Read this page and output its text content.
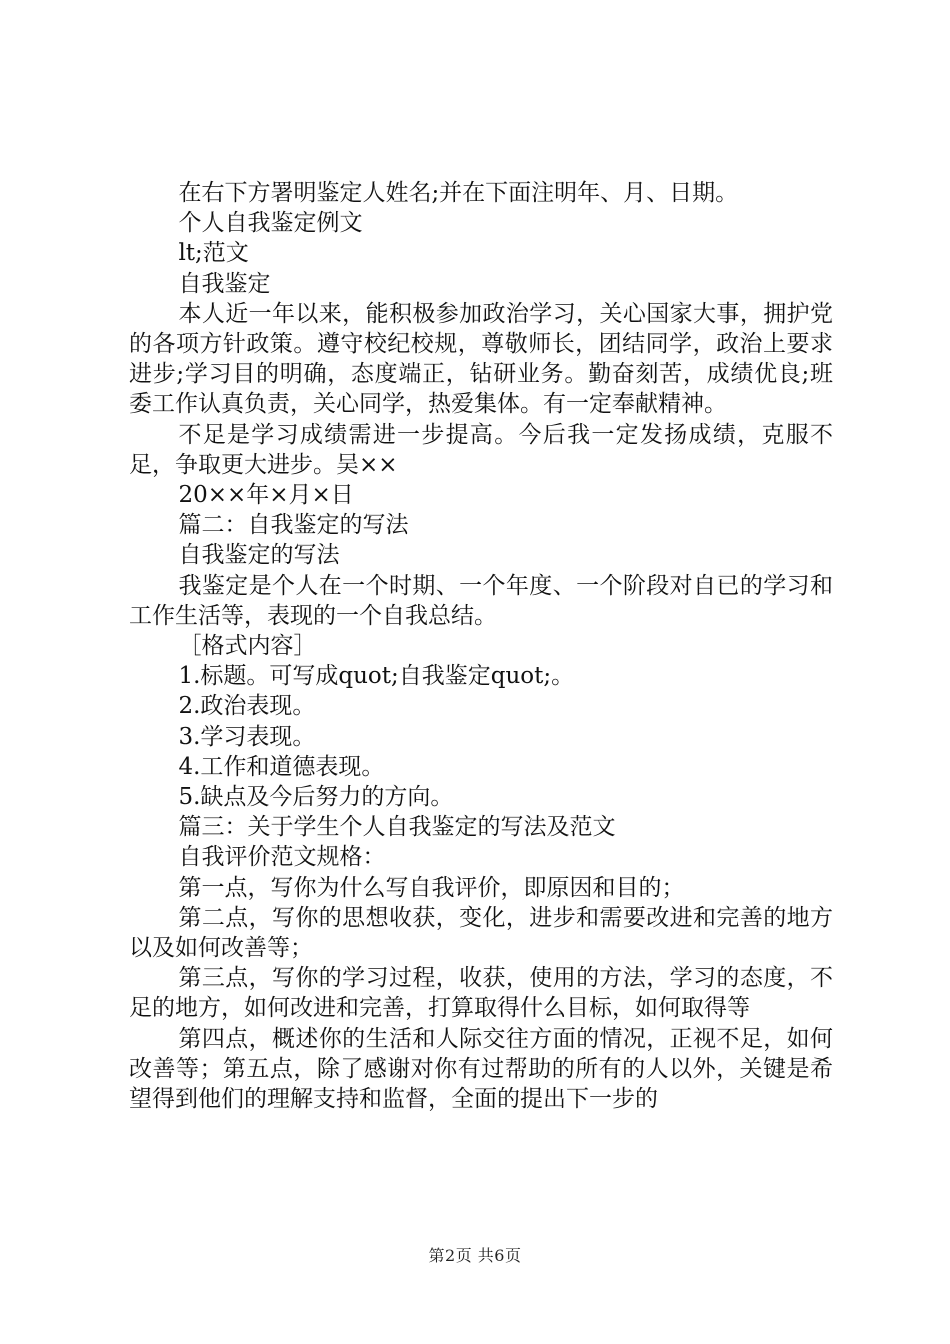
在右下方署明鉴定人姓名;并在下面注明年、月、日期。

个人自我鉴定例文

lt;范文

自我鉴定

本人近一年以来，能积极参加政治学习，关心国家大事，拥护党的各项方针政策。遵守校纪校规，尊敬师长，团结同学，政治上要求进步;学习目的明确，态度端正，钻研业务。勤奋刻苦，成绩优良;班委工作认真负责，关心同学，热爱集体。有一定奉献精神。

不足是学习成绩需进一步提高。今后我一定发扬成绩，克服不足，争取更大进步。吴××

20××年×月×日

篇二：自我鉴定的写法

自我鉴定的写法

我鉴定是个人在一个时期、一个年度、一个阶段对自已的学习和工作生活等，表现的一个自我总结。

［格式内容］

1.标题。可写成quot;自我鉴定quot;。

2.政治表现。

3.学习表现。

4.工作和道德表现。

5.缺点及今后努力的方向。

篇三：关于学生个人自我鉴定的写法及范文

自我评价范文规格：

第一点，写你为什么写自我评价，即原因和目的；

第二点，写你的思想收获，变化，进步和需要改进和完善的地方以及如何改善等；

第三点，写你的学习过程，收获，使用的方法，学习的态度，不足的地方，如何改进和完善，打算取得什么目标，如何取得等

第四点，概述你的生活和人际交往方面的情况，正视不足，如何改善等；第五点，除了感谢对你有过帮助的所有的人以外，关键是希望得到他们的理解支持和监督，全面的提出下一步的

第2页 共6页
